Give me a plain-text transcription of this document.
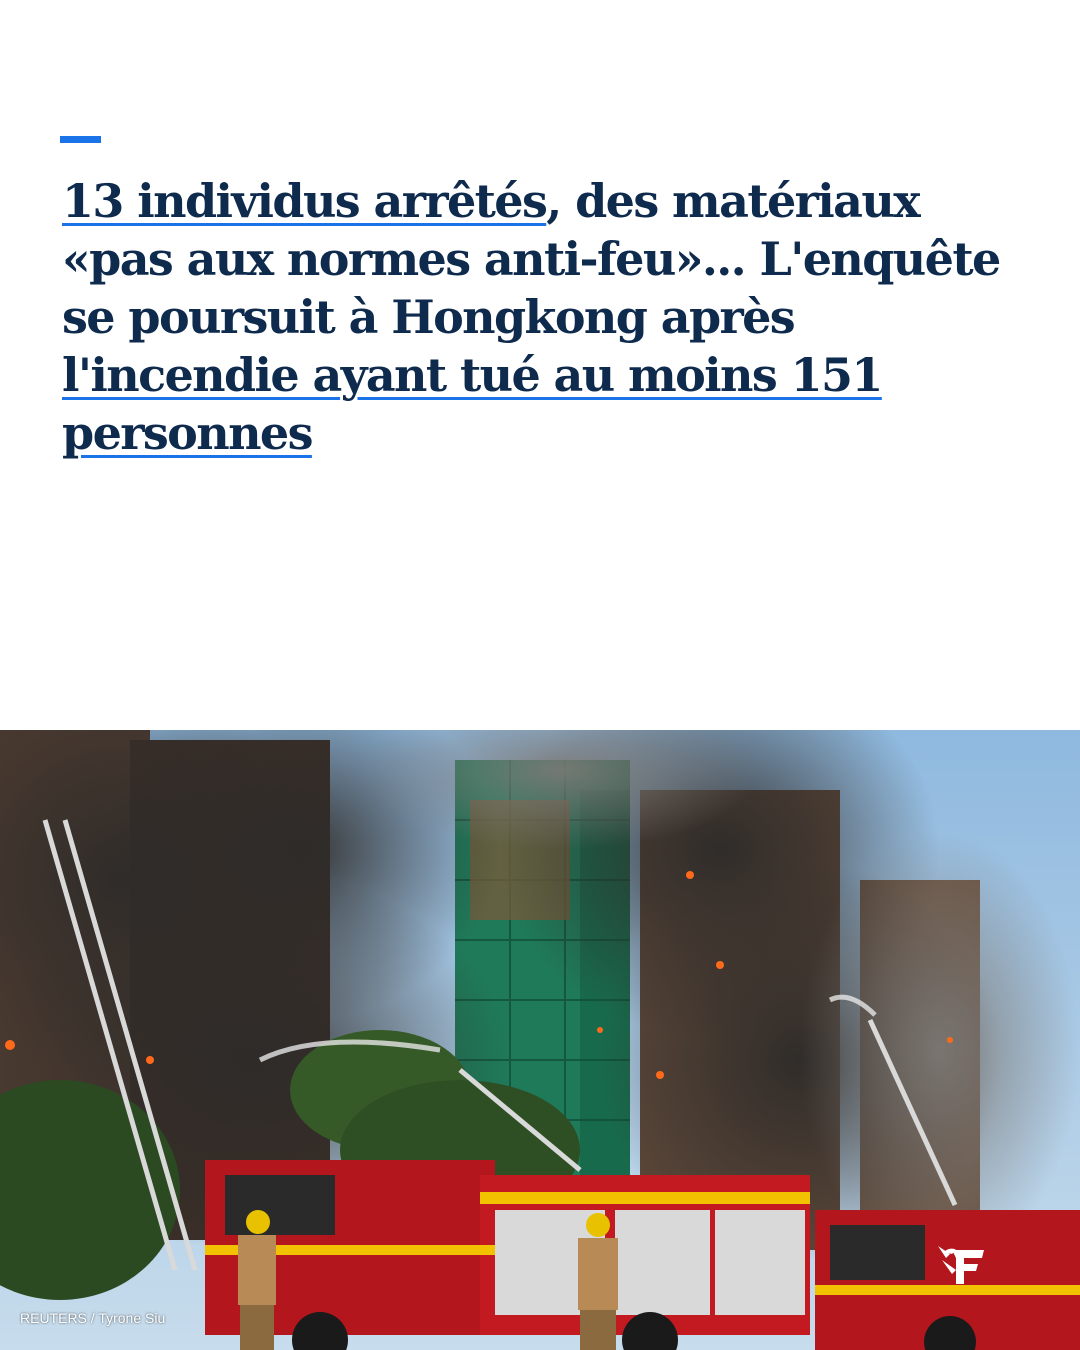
13 individus arrêtés, des matériaux «pas aux normes anti-feu»... L'enquête se poursuit à Hongkong après l'incendie ayant tué au moins 151 personnes
REUTERS / Tyrone Siu
